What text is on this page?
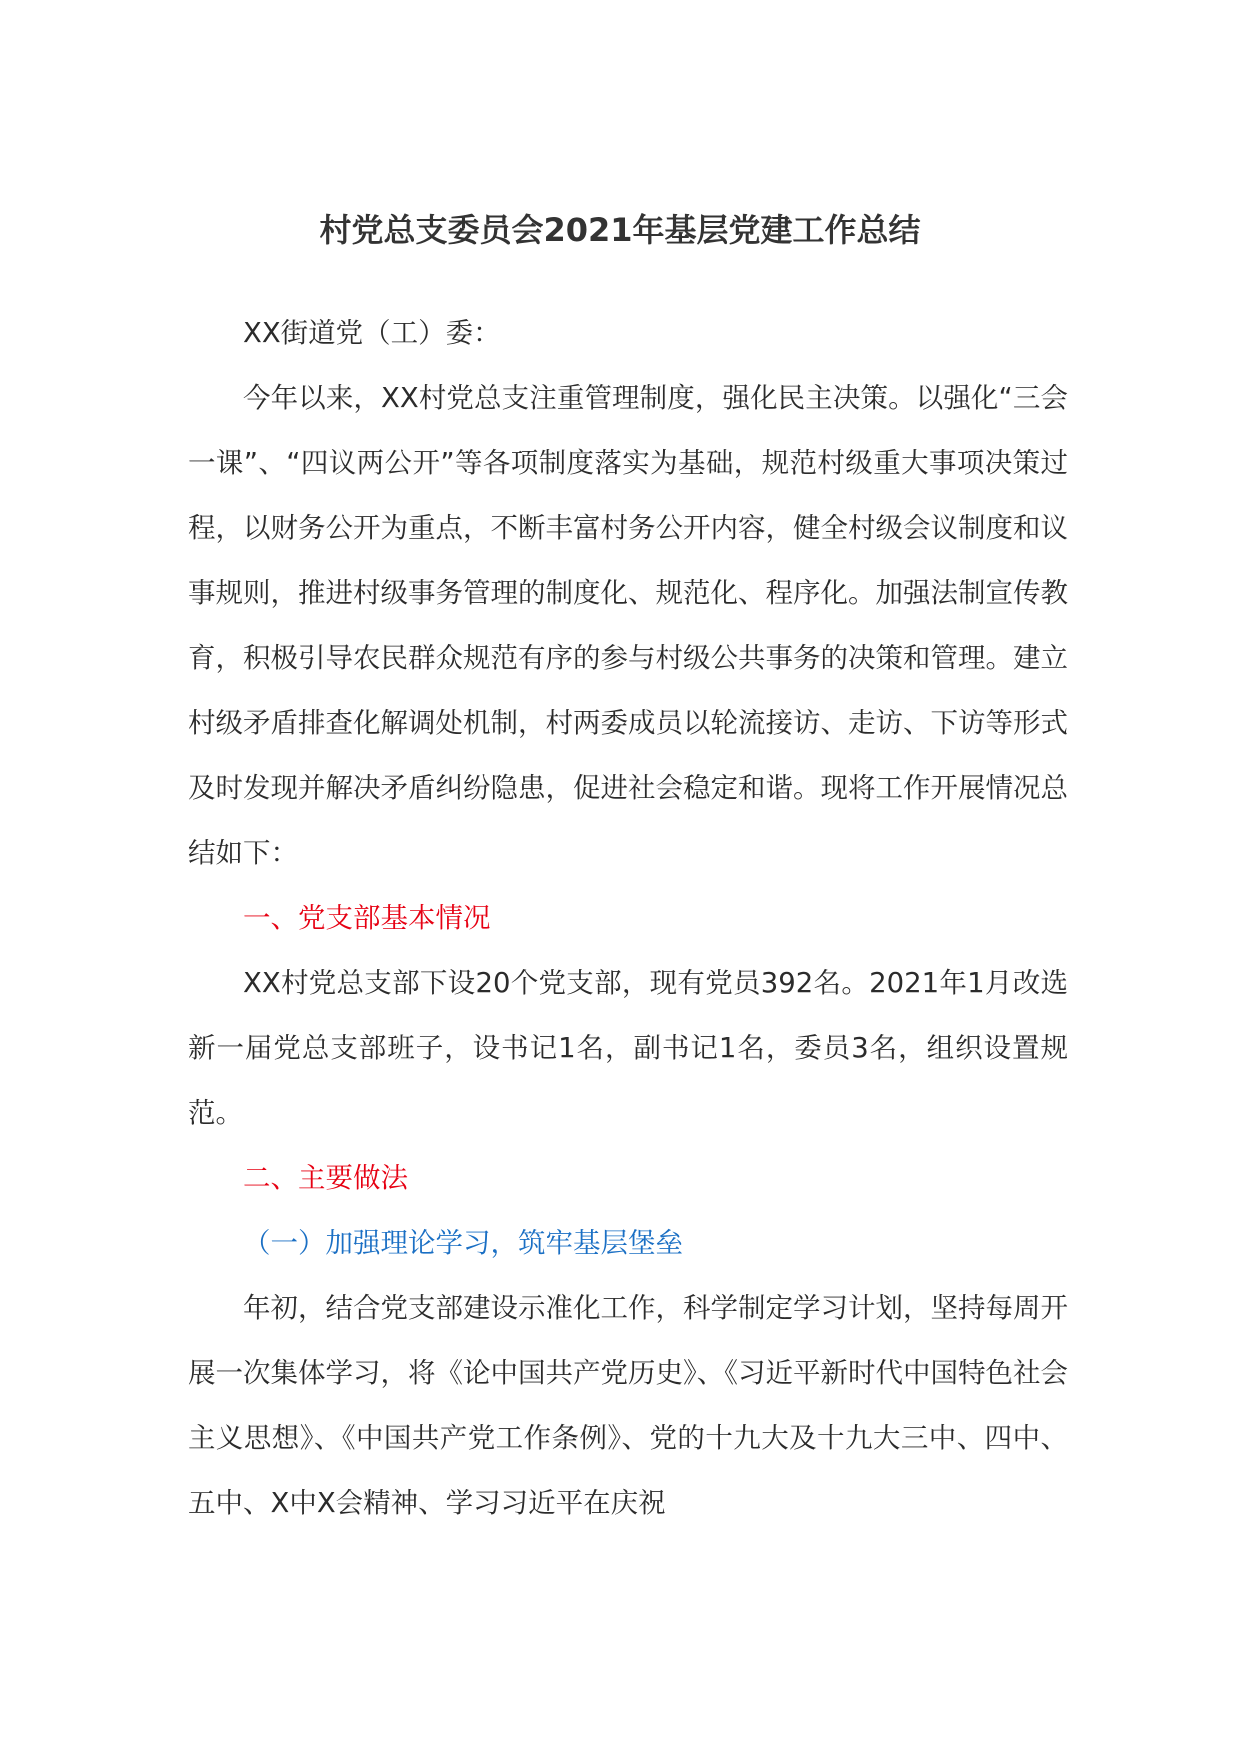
村党总支委员会2021年基层党建工作总结

XX街道党（工）委：

今年以来，XX村党总支注重管理制度，强化民主决策。以强化“三会一课”、“四议两公开”等各项制度落实为基础，规范村级重大事项决策过程，以财务公开为重点，不断丰富村务公开内容，健全村级会议制度和议事规则，推进村级事务管理的制度化、规范化、程序化。加强法制宣传教育，积极引导农民群众规范有序的参与村级公共事务的决策和管理。建立村级矛盾排查化解调处机制，村两委成员以轮流接访、走访、下访等形式及时发现并解决矛盾纠纷隐患，促进社会稳定和谐。现将工作开展情况总结如下：

一、党支部基本情况

XX村党总支部下设20个党支部，现有党员392名。2021年1月改选新一届党总支部班子，设书记1名，副书记1名，委员3名，组织设置规范。

二、主要做法

（一）加强理论学习，筑牢基层堡垒

年初，结合党支部建设示准化工作，科学制定学习计划，坚持每周开展一次集体学习，将《论中国共产党历史》、《习近平新时代中国特色社会主义思想》、《中国共产党工作条例》、党的十九大及十九大三中、四中、五中、X中X会精神、学习习近平在庆祝
